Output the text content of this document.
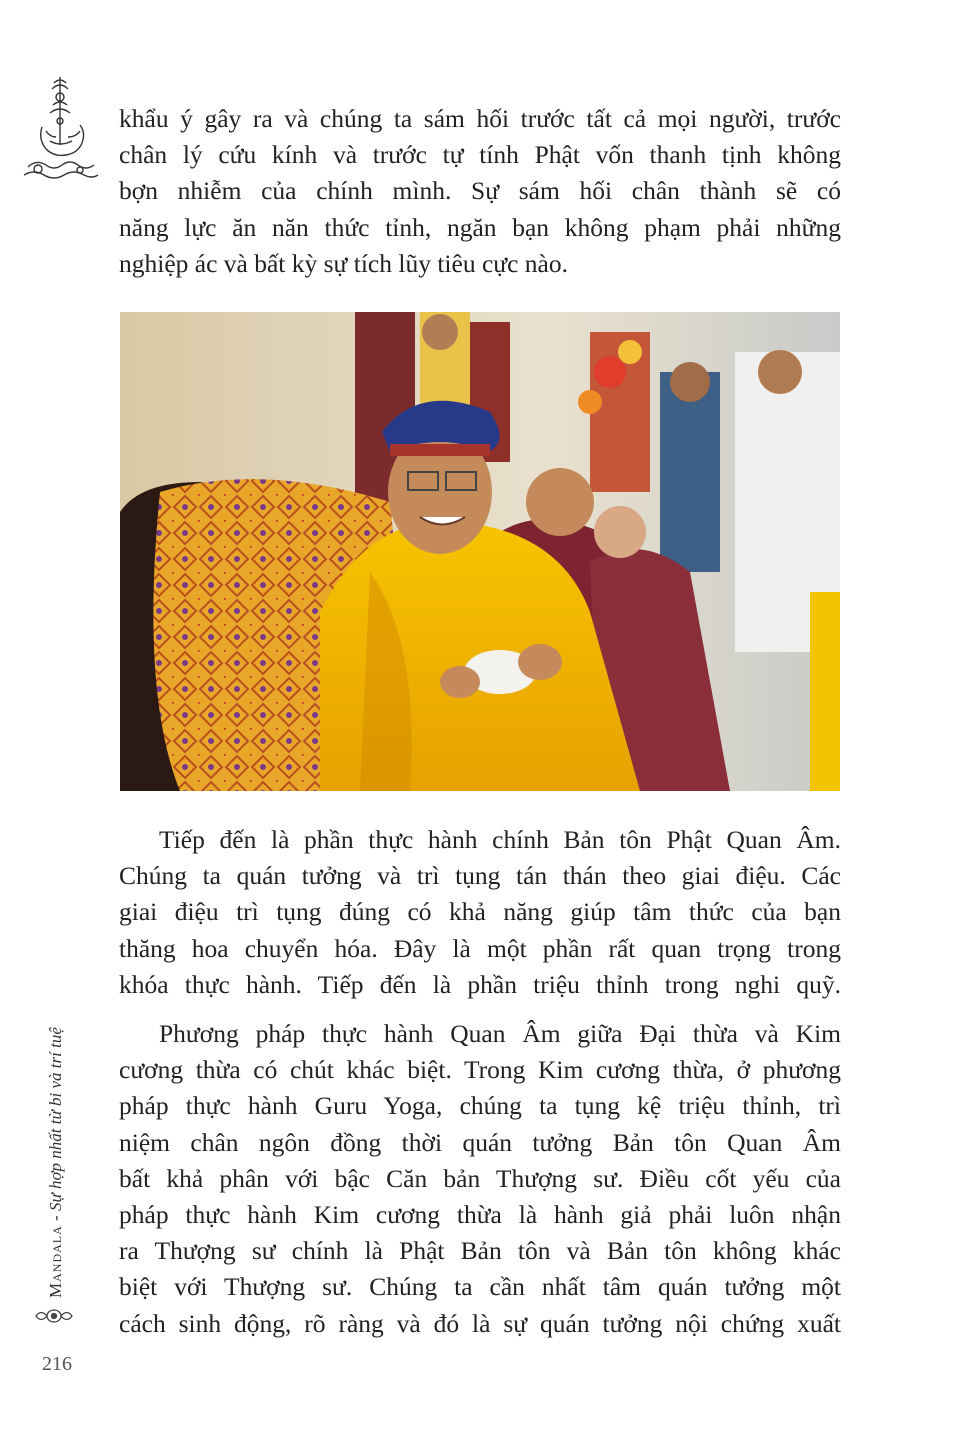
khẩu ý gây ra và chúng ta sám hối trước tất cả mọi người, trước
chân lý cứu kính và trước tự tính Phật vốn thanh tịnh không
bợn nhiễm của chính mình. Sự sám hối chân thành sẽ có
năng lực ăn năn thức tỉnh, ngăn bạn không phạm phải những
nghiệp ác và bất kỳ sự tích lũy tiêu cực nào.

Tiếp đến là phần thực hành chính Bản tôn Phật Quan Âm.
Chúng ta quán tưởng và trì tụng tán thán theo giai điệu. Các
giai điệu trì tụng đúng có khả năng giúp tâm thức của bạn
thăng hoa chuyển hóa. Đây là một phần rất quan trọng trong
khóa thực hành. Tiếp đến là phần triệu thỉnh trong nghi quỹ.

Phương pháp thực hành Quan Âm giữa Đại thừa và Kim
cương thừa có chút khác biệt. Trong Kim cương thừa, ở phương
pháp thực hành Guru Yoga, chúng ta tụng kệ triệu thỉnh, trì
niệm chân ngôn đồng thời quán tưởng Bản tôn Quan Âm
bất khả phân với bậc Căn bản Thượng sư. Điều cốt yếu của
pháp thực hành Kim cương thừa là hành giả phải luôn nhận
ra Thượng sư chính là Phật Bản tôn và Bản tôn không khác
biệt với Thượng sư. Chúng ta cần nhất tâm quán tưởng một
cách sinh động, rõ ràng và đó là sự quán tưởng nội chứng xuất

Mandala - Sự hợp nhất từ bi và trí tuệ
216
